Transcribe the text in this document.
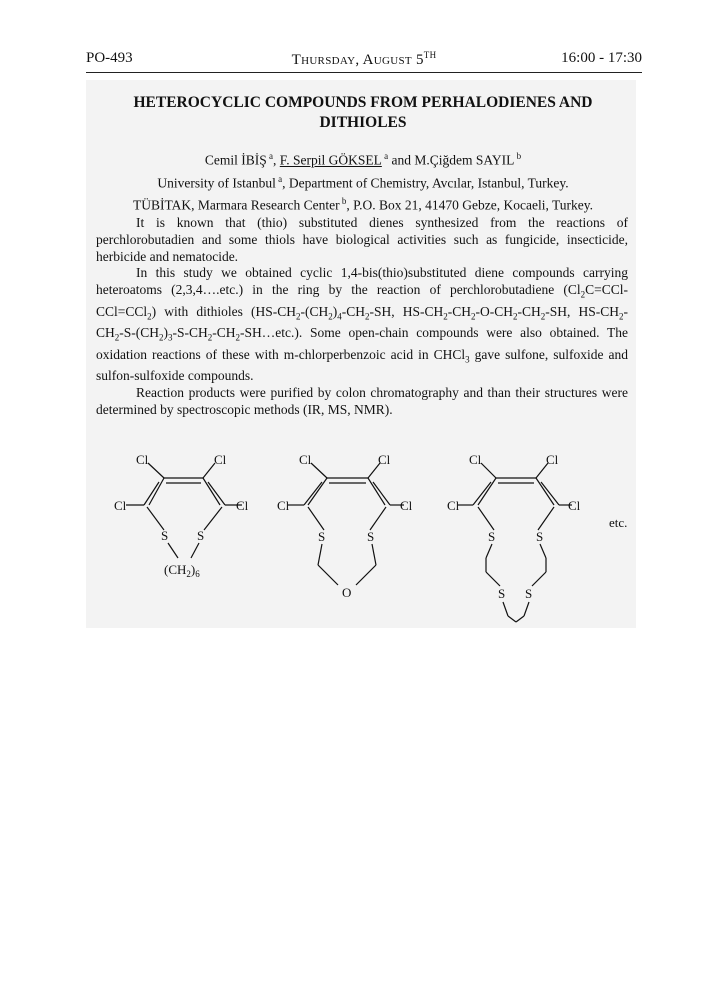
PO-493	Thursday, August 5TH	16:00 - 17:30
HETEROCYCLIC COMPOUNDS FROM PERHALODIENES AND DITHIOLES
Cemil İBİŞ $^a$, F. Serpil GÖKSEL $^a$ and M.Çiğdem SAYIL $^b$
University of Istanbul $^a$, Department of Chemistry, Avcılar, Istanbul, Turkey.
TÜBİTAK, Marmara Research Center $^b$, P.O. Box 21, 41470 Gebze, Kocaeli, Turkey.

It is known that (thio) substituted dienes synthesized from the reactions of perchlorobutadien and some thiols have biological activities such as fungicide, insecticide, herbicide and nematocide.

In this study we obtained cyclic 1,4-bis(thio)substituted diene compounds carrying heteroatoms (2,3,4….etc.) in the ring by the reaction of perchlorobutadiene $(Cl_2C=CCl-CCl=CCl_2)$ with dithioles ($HS-CH_2-(CH_2)_4-CH_2-SH$, $HS-CH_2-CH_2-O-CH_2-CH_2-SH$, $HS-CH_2-CH_2-S-(CH_2)_3-S-CH_2-CH_2-SH\dots etc$.). Some open-chain compounds were also obtained. The oxidation reactions of these with m-chlorperbenzoic acid in CHCl$_3$ gave sulfone, sulfoxide and sulfon-sulfoxide compounds.

Reaction products were purified by colon chromatography and than their structures were determined by spectroscopic methods (IR, MS, NMR).

Cl	Cl
Cl	Cl
S S
$(CH_2)_6$
Cl	Cl
Cl	Cl
S	S
O
Cl	Cl
Cl	Cl
S	S
S S
etc.
